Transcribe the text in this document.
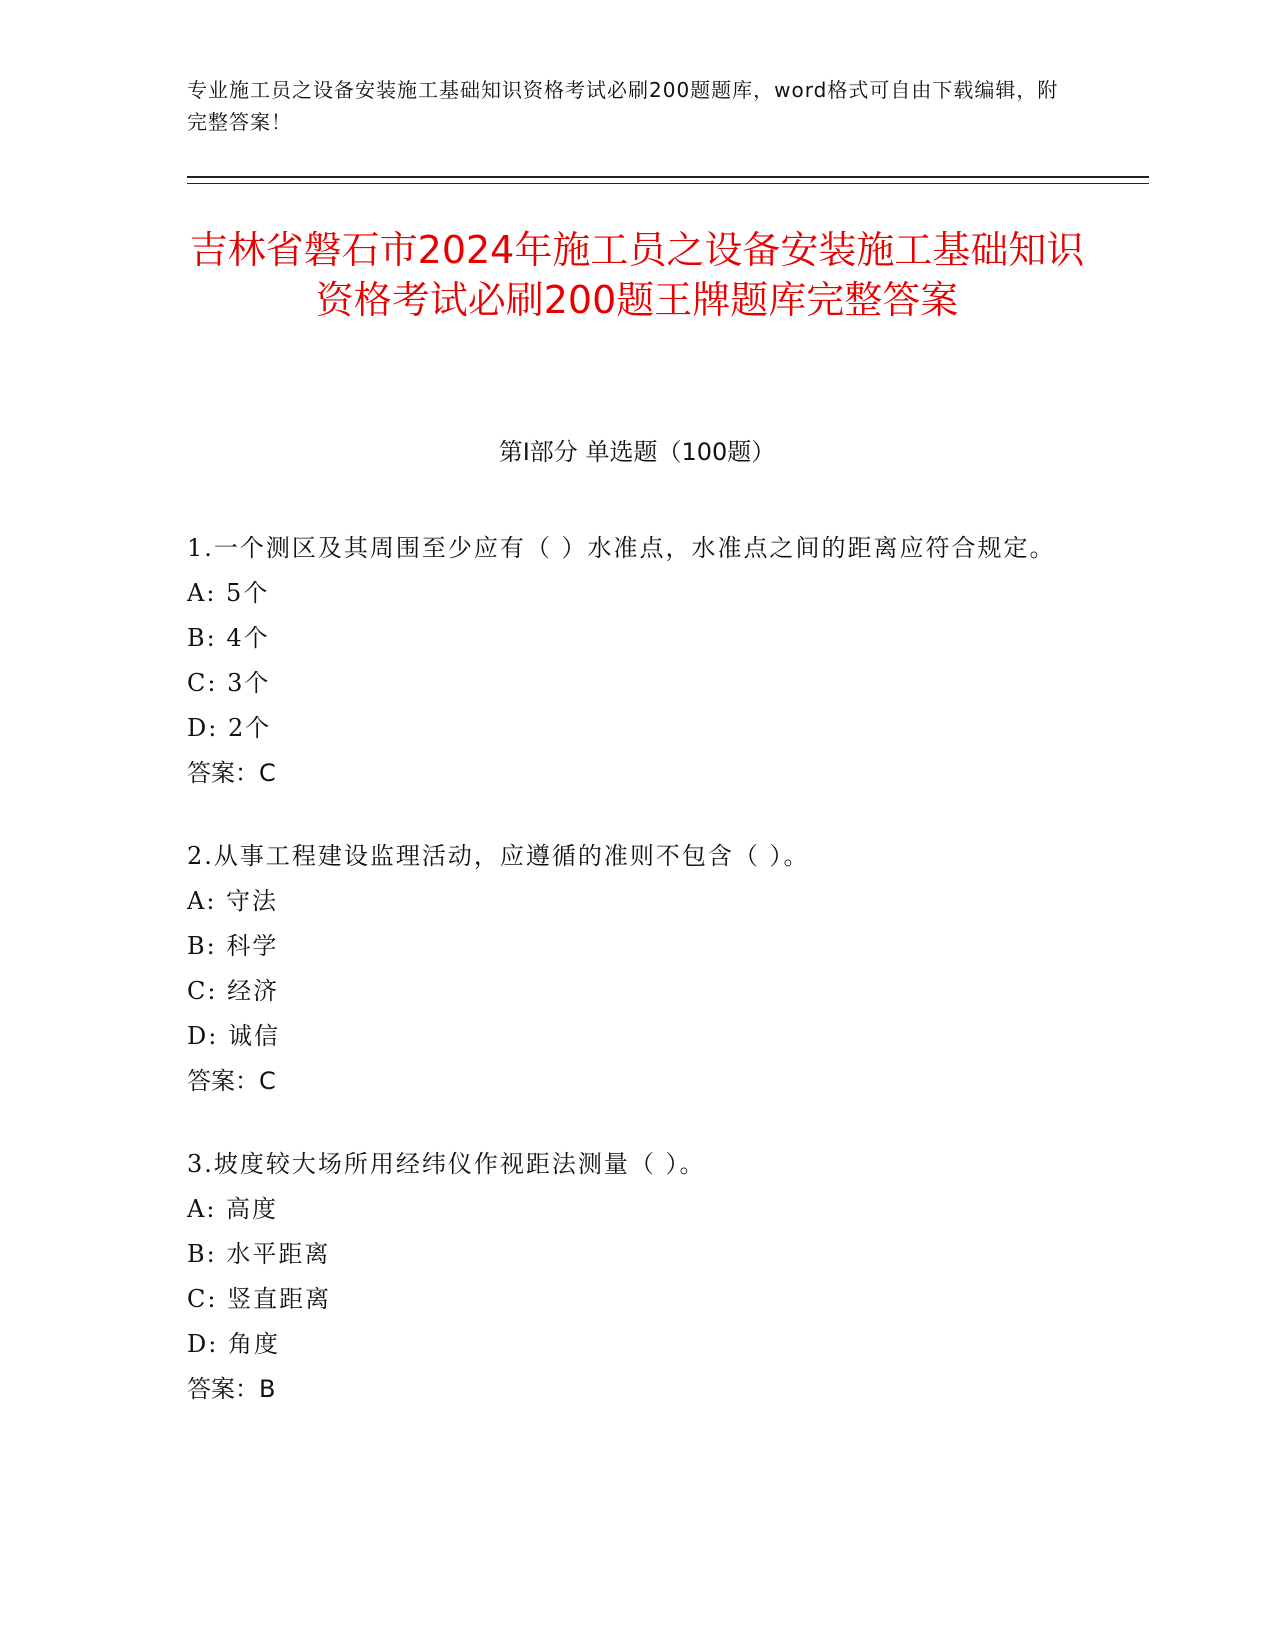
专业施工员之设备安装施工基础知识资格考试必刷200题题库，word格式可自由下载编辑，附完整答案！

吉林省磐石市2024年施工员之设备安装施工基础知识资格考试必刷200题王牌题库完整答案
第Ⅰ部分 单选题（100题）

1.一个测区及其周围至少应有（ ）水准点，水准点之间的距离应符合规定。

A: 5个

B: 4个

C: 3个

D: 2个

答案：C

2.从事工程建设监理活动，应遵循的准则不包含（ ）。

A: 守法

B: 科学

C: 经济

D: 诚信

答案：C

3.坡度较大场所用经纬仪作视距法测量（ ）。

A: 高度

B: 水平距离

C: 竖直距离

D: 角度

答案：B
